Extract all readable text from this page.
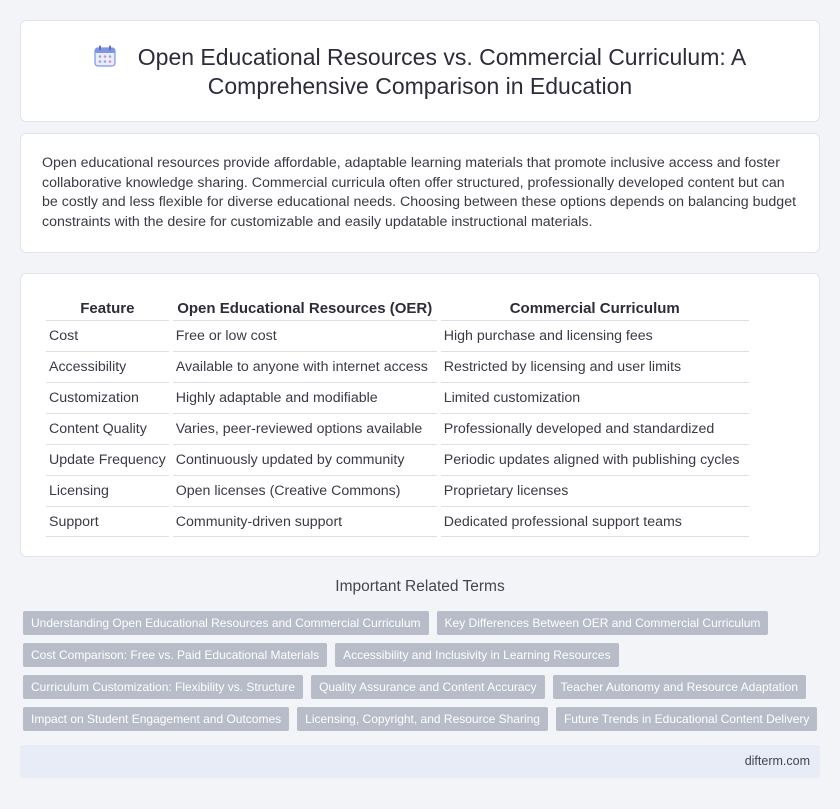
Open Educational Resources vs. Commercial Curriculum: A
Comprehensive Comparison in Education

Open educational resources provide affordable, adaptable learning materials that promote inclusive access and foster collaborative knowledge sharing. Commercial curricula often offer structured, professionally developed content but can be costly and less flexible for diverse educational needs. Choosing between these options depends on balancing budget constraints with the desire for customizable and easily updatable instructional materials.

Feature	Open Educational Resources (OER)	Commercial Curriculum
Cost	Free or low cost	High purchase and licensing fees
Accessibility	Available to anyone with internet access	Restricted by licensing and user limits
Customization	Highly adaptable and modifiable	Limited customization
Content Quality	Varies, peer-reviewed options available	Professionally developed and standardized
Update Frequency	Continuously updated by community	Periodic updates aligned with publishing cycles
Licensing	Open licenses (Creative Commons)	Proprietary licenses
Support	Community-driven support	Dedicated professional support teams
Important Related Terms
Understanding Open Educational Resources and Commercial Curriculum	Key Differences Between OER and Commercial Curriculum
Cost Comparison: Free vs. Paid Educational Materials	Accessibility and Inclusivity in Learning Resources
Curriculum Customization: Flexibility vs. Structure	Quality Assurance and Content Accuracy	Teacher Autonomy and Resource Adaptation
Impact on Student Engagement and Outcomes	Licensing, Copyright, and Resource Sharing	Future Trends in Educational Content Delivery
difterm.com
